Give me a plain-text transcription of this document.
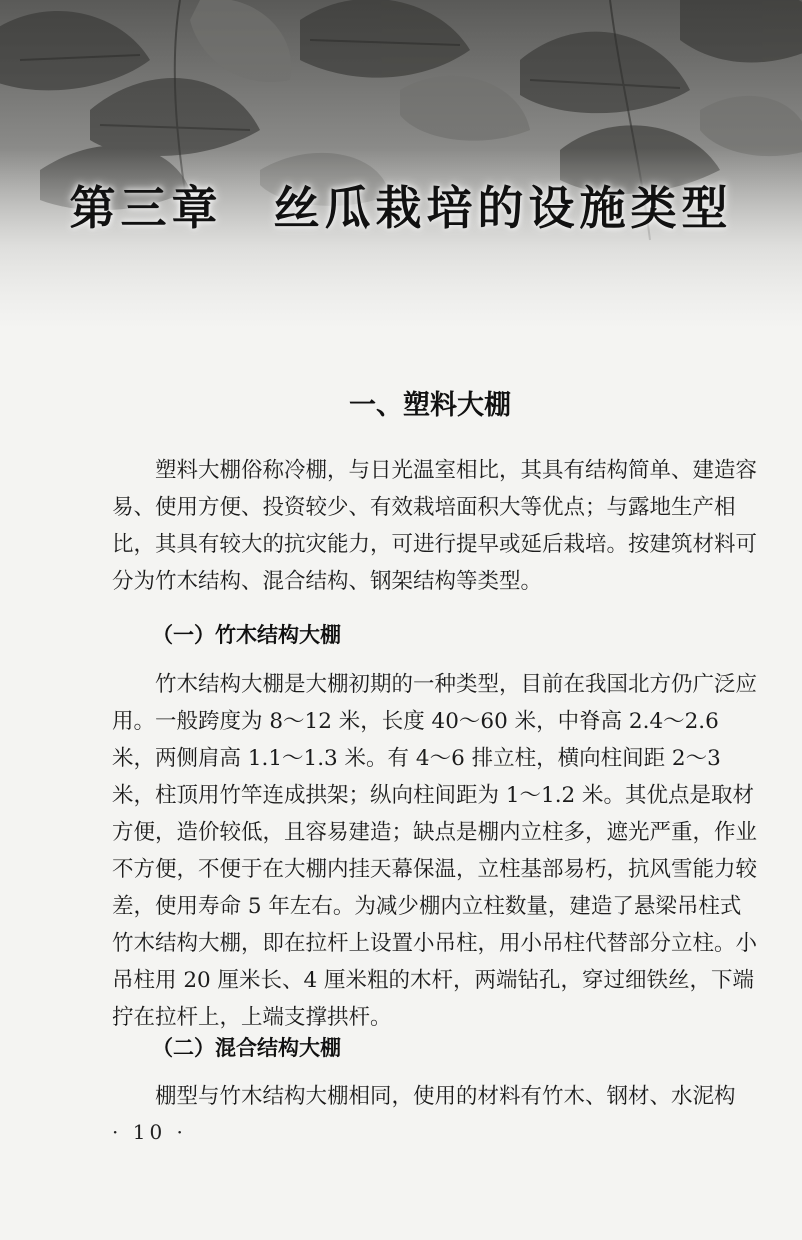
第三章　丝瓜栽培的设施类型
一、塑料大棚

塑料大棚俗称冷棚，与日光温室相比，其具有结构简单、建造容易、使用方便、投资较少、有效栽培面积大等优点；与露地生产相比，其具有较大的抗灾能力，可进行提早或延后栽培。按建筑材料可分为竹木结构、混合结构、钢架结构等类型。

（一）竹木结构大棚

竹木结构大棚是大棚初期的一种类型，目前在我国北方仍广泛应用。一般跨度为 8～12 米，长度 40～60 米，中脊高 2.4～2.6 米，两侧肩高 1.1～1.3 米。有 4～6 排立柱，横向柱间距 2～3 米，柱顶用竹竿连成拱架；纵向柱间距为 1～1.2 米。其优点是取材方便，造价较低，且容易建造；缺点是棚内立柱多，遮光严重，作业不方便，不便于在大棚内挂天幕保温，立柱基部易朽，抗风雪能力较差，使用寿命 5 年左右。为减少棚内立柱数量，建造了悬梁吊柱式竹木结构大棚，即在拉杆上设置小吊柱，用小吊柱代替部分立柱。小吊柱用 20 厘米长、4 厘米粗的木杆，两端钻孔，穿过细铁丝，下端拧在拉杆上，上端支撑拱杆。

（二）混合结构大棚

棚型与竹木结构大棚相同，使用的材料有竹木、钢材、水泥构

· 10 ·
